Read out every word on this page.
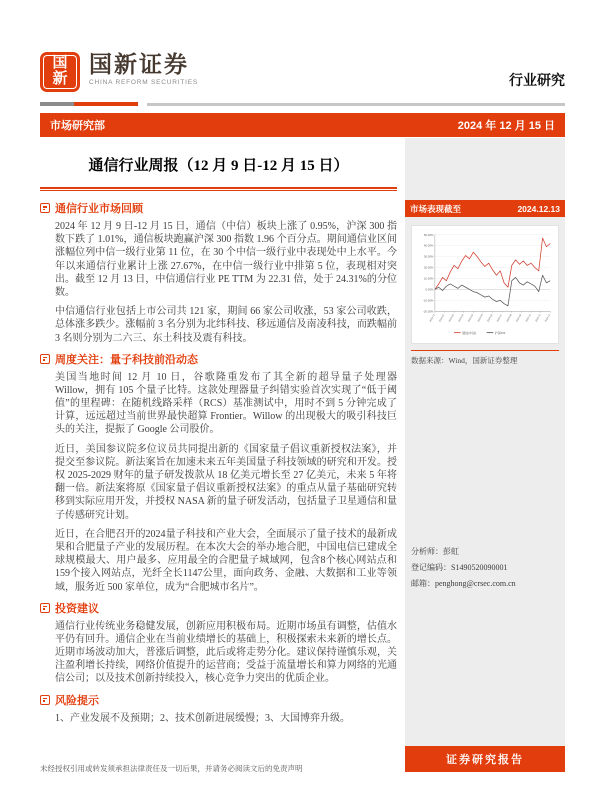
国
新
国新证券
CHINA REFORM SECURITIES	行业研究
市场研究部	2024 年 12 月 15 日
通信行业周报（12 月 9 日-12 月 15 日）
通信行业市场回顾

2024 年 12 月 9 日-12 月 15 日，通信（中信）板块上涨了 0.95%，沪深 300 指数下跌了 1.01%，通信板块跑赢沪深 300 指数 1.96 个百分点。期间通信业区间涨幅位列中信一级行业第 11 位，在 30 个中信一级行业中表现处中上水平。今年以来通信行业累计上涨 27.67%，在中信一级行业中排第 5 位，表现相对突出。截至 12 月 13 日，中信通信行业 PE TTM 为 22.31 倍，处于 24.31%的分位数。

中信通信行业包括上市公司共 121 家，期间 66 家公司收涨，53 家公司收跌，总体涨多跌少。涨幅前 3 名分别为北纬科技、移远通信及南凌科技，而跌幅前 3 名则分别为二六三、东土科技及震有科技。

周度关注：量子科技前沿动态

美国当地时间 12 月 10 日，谷歌隆重发布了其全新的超导量子处理器 Willow，拥有 105 个量子比特。这款处理器量子纠错实验首次实现了“低于阈值”的里程碑：在随机线路采样（RCS）基准测试中，用时不到 5 分钟完成了计算，远远超过当前世界最快超算 Frontier。Willow 的出现极大的吸引科技巨头的关注，提振了 Google 公司股价。

近日，美国参议院多位议员共同提出新的《国家量子倡议重新授权法案》，并提交至参议院。新法案旨在加速未来五年美国量子科技领域的研究和开发。授权 2025-2029 财年的量子研发拨款从 18 亿美元增长至 27 亿美元，未来 5 年将翻一倍。新法案将原《国家量子倡议重新授权法案》的重点从量子基础研究转移到实际应用开发，并授权 NASA 新的量子研发活动，包括量子卫星通信和量子传感研究计划。

近日，在合肥召开的2024量子科技和产业大会，全面展示了量子技术的最新成果和合肥量子产业的发展历程。在本次大会的举办地合肥，中国电信已建成全球规模最大、用户最多、应用最全的合肥量子城域网，包含8个核心网站点和159个接入网站点，光纤全长1147公里，面向政务、金融、大数据和工业等领域，服务近 500 家单位，成为“合肥城市名片”。

投资建议

通信行业传统业务稳健发展，创新应用积极布局。近期市场虽有调整，估值水平仍有回升。通信企业在当前业绩增长的基础上，积极探索未来新的增长点。近期市场波动加大，普涨后调整，此后或将走势分化。建议保持谨慎乐观，关注盈利增长持续，网络价值提升的运营商；受益于流量增长和算力网络的光通信公司；以及技术创新持续投入，核心竞争力突出的优质企业。

风险提示

1、产业发展不及预期；2、技术创新进展缓慢；3、大国博弈升级。

市场表现截至	2024.12.13
50.00%
40.00%
30.00%
20.00%
10.00%
0.00%
-10.00%
-20.00%
2023-12 2024-01 2024-02 2024-03 2024-04 2024-05 2024-06 2024-07 2024-08 2024-09 2024-10 2024-11 2024-12
通信(中信)	沪深300
数据来源：Wind，国新证券整理
分析师：彭虹
登记编码：S1490520090001
邮箱：penghong@crsec.com.cn
证券研究报告
未经授权引用或转发须承担法律责任及一切后果，并请务必阅读文后的免责声明
